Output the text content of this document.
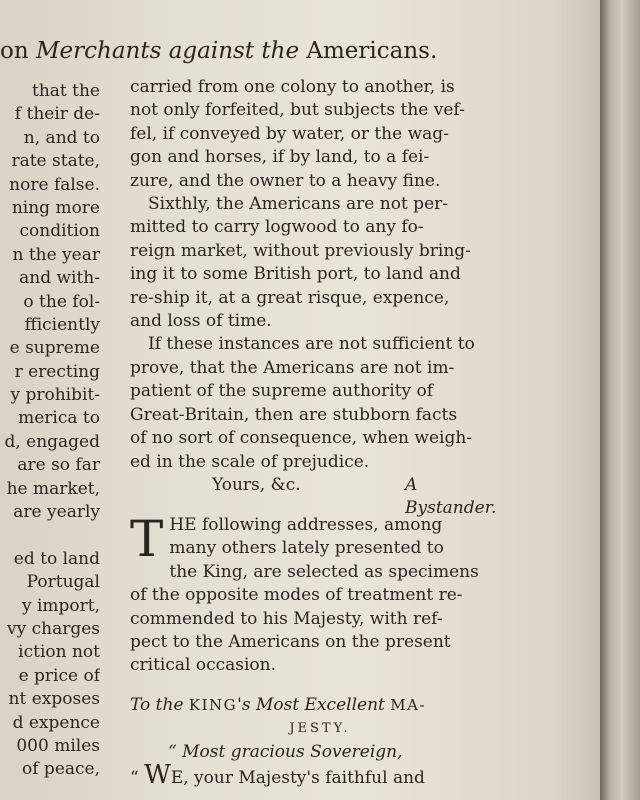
on Merchants against the Americans.
that the
f their de-
n, and to
rate state,
nore false.
ning more
condition
n the year
and with-
o the fol-
fficiently
e supreme
r erecting
y prohibit-
merica to
d, engaged
are so far
he market,
are yearly
ed to land
Portugal
y import,
vy charges
iction not
e price of
nt exposes
d expence
000 miles
of peace,
carried from one colony to another, is
not only forfeited, but subjects the vef-
fel, if conveyed by water, or the wag-
gon and horses, if by land, to a fei-
zure, and the owner to a heavy fine.
Sixthly, the Americans are not per-
mitted to carry logwood to any fo-
reign market, without previously bring-
ing it to some British port, to land and
re-ship it, at a great risque, expence,
and loss of time.
If these instances are not sufficient to
prove, that the Americans are not im-
patient of the supreme authority of
Great-Britain, then are stubborn facts
of no sort of consequence, when weigh-
ed in the scale of prejudice.
Yours, &c.	A Bystander.
T HE following addresses, among
many others lately presented to
the King, are selected as specimens
of the opposite modes of treatment re-
commended to his Majesty, with ref-
pect to the Americans on the present
critical occasion.
To the KING's Most Excellent MA-
JESTY.
“ Most gracious Sovereign,
“ WE, your Majesty's faithful and
